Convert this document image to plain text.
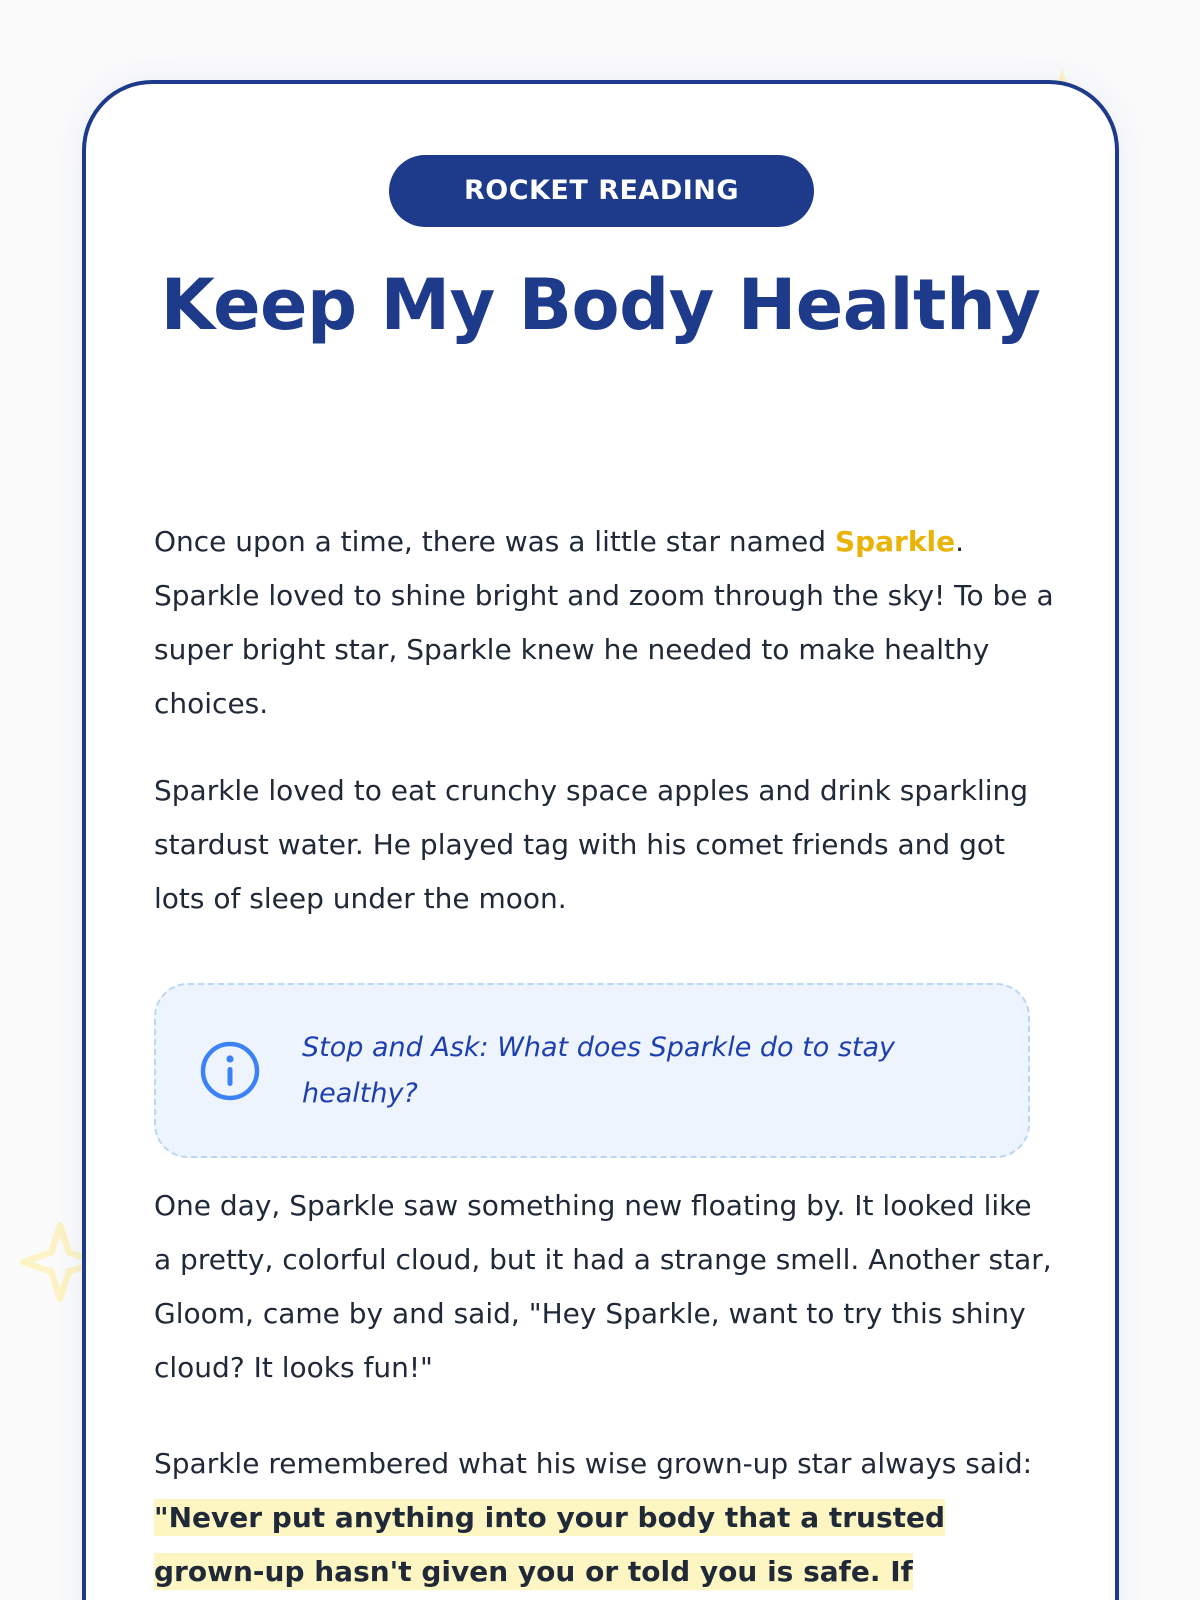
ROCKET READING
Keep My Body Healthy

Once upon a time, there was a little star named Sparkle. Sparkle loved to shine bright and zoom through the sky! To be a super bright star, Sparkle knew he needed to make healthy choices.

Sparkle loved to eat crunchy space apples and drink sparkling stardust water. He played tag with his comet friends and got lots of sleep under the moon.

Stop and Ask: What does Sparkle do to stay healthy?

One day, Sparkle saw something new floating by. It looked like a pretty, colorful cloud, but it had a strange smell. Another star, Gloom, came by and said, "Hey Sparkle, want to try this shiny cloud? It looks fun!"

Sparkle remembered what his wise grown-up star always said: "Never put anything into your body that a trusted grown-up hasn't given you or told you is safe. If
